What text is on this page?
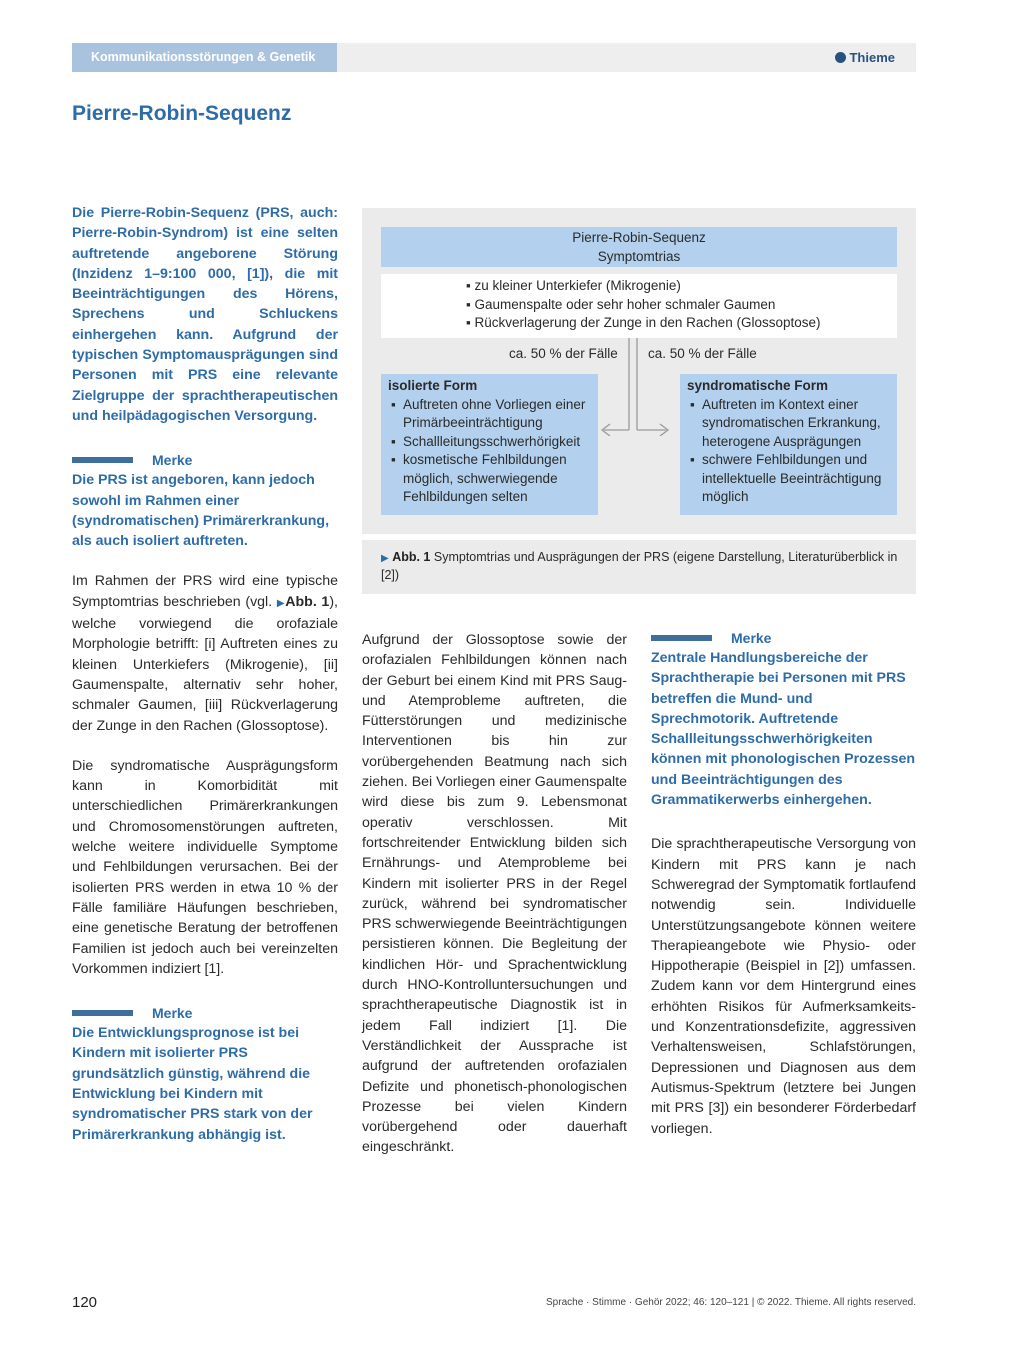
Kommunikationsstörungen & Genetik	Thieme
Pierre-Robin-Sequenz

Die Pierre-Robin-Sequenz (PRS, auch: Pierre-Robin-Syndrom) ist eine selten auftretende angeborene Störung (Inzidenz 1–9:100 000, [1]), die mit Beeinträchtigungen des Hörens, Sprechens und Schluckens einhergehen kann. Aufgrund der typischen Symptomausprägungen sind Personen mit PRS eine relevante Zielgruppe der sprachtherapeutischen und heilpädagogischen Versorgung.

Merke

Die PRS ist angeboren, kann jedoch sowohl im Rahmen einer (syndromatischen) Primärerkrankung, als auch isoliert auftreten.

Im Rahmen der PRS wird eine typische Symptomtrias beschrieben (vgl. ▶Abb. 1), welche vorwiegend die orofaziale Morphologie betrifft: [i] Auftreten eines zu kleinen Unterkiefers (Mikrogenie), [ii] Gaumenspalte, alternativ sehr hoher, schmaler Gaumen, [iii] Rückverlagerung der Zunge in den Rachen (Glossoptose).

Die syndromatische Ausprägungsform kann in Komorbidität mit unterschiedlichen Primärerkrankungen und Chromosomenstörungen auftreten, welche weitere individuelle Symptome und Fehlbildungen verursachen. Bei der isolierten PRS werden in etwa 10 % der Fälle familiäre Häufungen beschrieben, eine genetische Beratung der betroffenen Familien ist jedoch auch bei vereinzelten Vorkommen indiziert [1].

Merke

Die Entwicklungsprognose ist bei Kindern mit isolierter PRS grundsätzlich günstig, während die Entwicklung bei Kindern mit syndromatischer PRS stark von der Primärerkrankung abhängig ist.

Pierre-Robin-Sequenz
Symptomtrias
▪ zu kleiner Unterkiefer (Mikrogenie)
▪ Gaumenspalte oder sehr hoher schmaler Gaumen
▪ Rückverlagerung der Zunge in den Rachen (Glossoptose)
ca. 50 % der Fälle ca. 50 % der Fälle
isolierte Form
▪ Auftreten ohne Vorliegen einer Primärbeeinträchtigung
▪ Schallleitungsschwerhörigkeit
▪ kosmetische Fehlbildungen möglich, schwerwiegende Fehlbildungen selten
syndromatische Form
▪ Auftreten im Kontext einer syndromatischen Erkrankung, heterogene Ausprägungen
▪ schwere Fehlbildungen und intellektuelle Beeinträchtigung möglich
▶ Abb. 1 Symptomtrias und Ausprägungen der PRS (eigene Darstellung, Literaturüberblick in [2])

Aufgrund der Glossoptose sowie der orofazialen Fehlbildungen können nach der Geburt bei einem Kind mit PRS Saug- und Atemprobleme auftreten, die Fütterstörungen und medizinische Interventionen bis hin zur vorübergehenden Beatmung nach sich ziehen. Bei Vorliegen einer Gaumenspalte wird diese bis zum 9. Lebensmonat operativ verschlossen. Mit fortschreitender Entwicklung bilden sich Ernährungs- und Atemprobleme bei Kindern mit isolierter PRS in der Regel zurück, während bei syndromatischer PRS schwerwiegende Beeinträchtigungen persistieren können. Die Begleitung der kindlichen Hör- und Sprachentwicklung durch HNO-Kontrolluntersuchungen und sprachtherapeutische Diagnostik ist in jedem Fall indiziert [1]. Die Verständlichkeit der Aussprache ist aufgrund der auftretenden orofazialen Defizite und phonetisch-phonologischen Prozesse bei vielen Kindern vorübergehend oder dauerhaft eingeschränkt.

Merke

Zentrale Handlungsbereiche der Sprachtherapie bei Personen mit PRS betreffen die Mund- und Sprechmotorik. Auftretende Schallleitungsschwerhörigkeiten können mit phonologischen Prozessen und Beeinträchtigungen des Grammatikerwerbs einhergehen.

Die sprachtherapeutische Versorgung von Kindern mit PRS kann je nach Schweregrad der Symptomatik fortlaufend notwendig sein. Individuelle Unterstützungsangebote können weitere Therapieangebote wie Physio- oder Hippotherapie (Beispiel in [2]) umfassen. Zudem kann vor dem Hintergrund eines erhöhten Risikos für Aufmerksamkeits- und Konzentrationsdefizite, aggressiven Verhaltensweisen, Schlafstörungen, Depressionen und Diagnosen aus dem Autismus-Spektrum (letztere bei Jungen mit PRS [3]) ein besonderer Förderbedarf vorliegen.

120	Sprache · Stimme · Gehör 2022; 46: 120–121 | © 2022. Thieme. All rights reserved.
